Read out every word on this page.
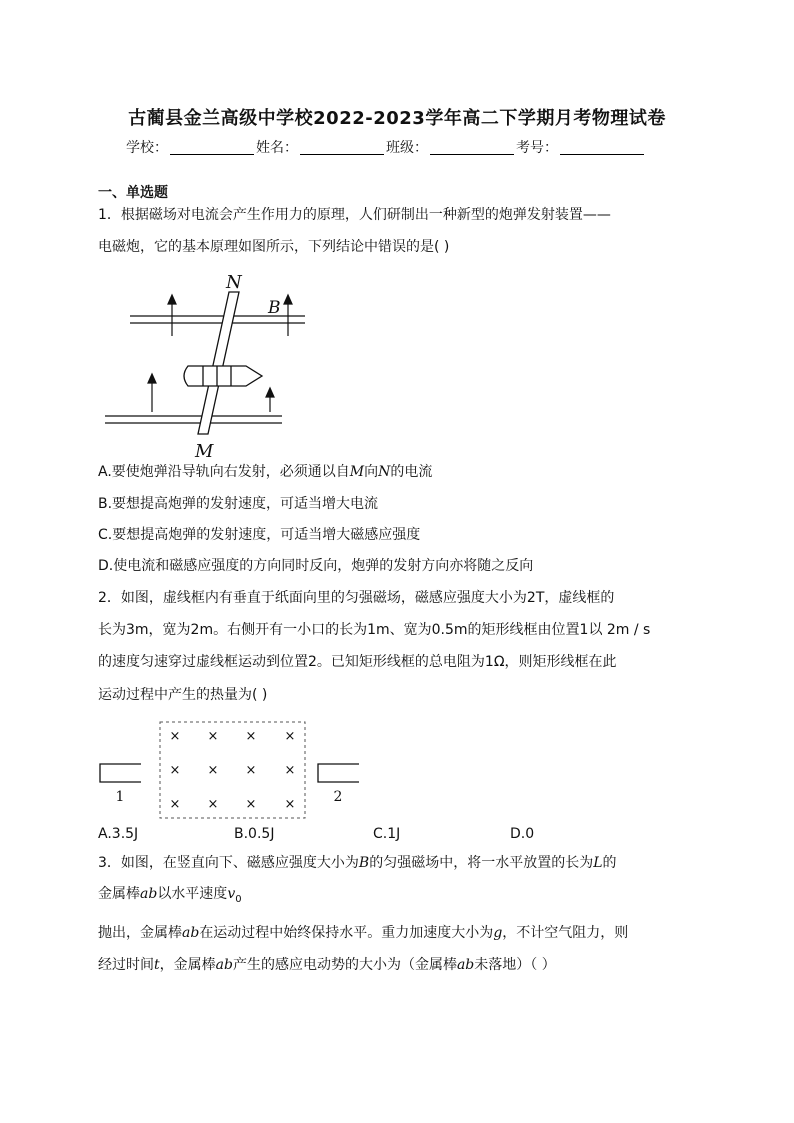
古蔺县金兰高级中学校2022-2023学年高二下学期月考物理试卷
学校：	姓名：	班级：	考号：
一、单选题
1．根据磁场对电流会产生作用力的原理，人们研制出一种新型的炮弹发射装置——
电磁炮，它的基本原理如图所示，下列结论中错误的是( )
N
M
B
A.要使炮弹沿导轨向右发射，必须通以自M向N的电流
B.要想提高炮弹的发射速度，可适当增大电流
C.要想提高炮弹的发射速度，可适当增大磁感应强度
D.使电流和磁感应强度的方向同时反向，炮弹的发射方向亦将随之反向
2．如图，虚线框内有垂直于纸面向里的匀强磁场，磁感应强度大小为2T，虚线框的
长为3m，宽为2m。右侧开有一小口的长为1m、宽为0.5m的矩形线框由位置1以 2m / s
的速度匀速穿过虚线框运动到位置2。已知矩形线框的总电阻为1Ω，则矩形线框在此
运动过程中产生的热量为( )
× × × ×
× × × ×
× × × ×
1	2
A.3.5J	B.0.5J	C.1J	D.0
3．如图，在竖直向下、磁感应强度大小为B的匀强磁场中，将一水平放置的长为L的
金属棒ab以水平速度$v_0$
抛出，金属棒ab在运动过程中始终保持水平。重力加速度大小为g，不计空气阻力，则
经过时间t，金属棒ab产生的感应电动势的大小为（金属棒ab未落地）（ ）
